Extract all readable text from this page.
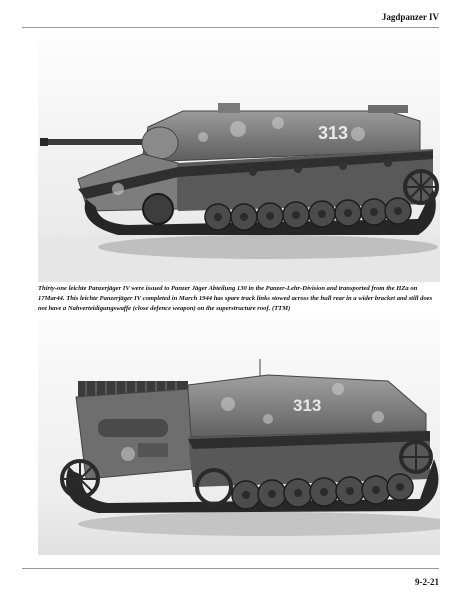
Jagdpanzer IV
313
Thirty-one leichte Panzerjäger IV were issued to Panzer Jäger Abteilung 130 in the Panzer-Lehr-Division and transported from the HZa on 17Mar44. This leichte Panzerjäger IV completed in March 1944 has spare track links stowed across the hull rear in a wider bracket and still does not have a Nahverteidigungswaffe (close defence weapon) on the superstructure roof. (TTM)
313
9-2-21
